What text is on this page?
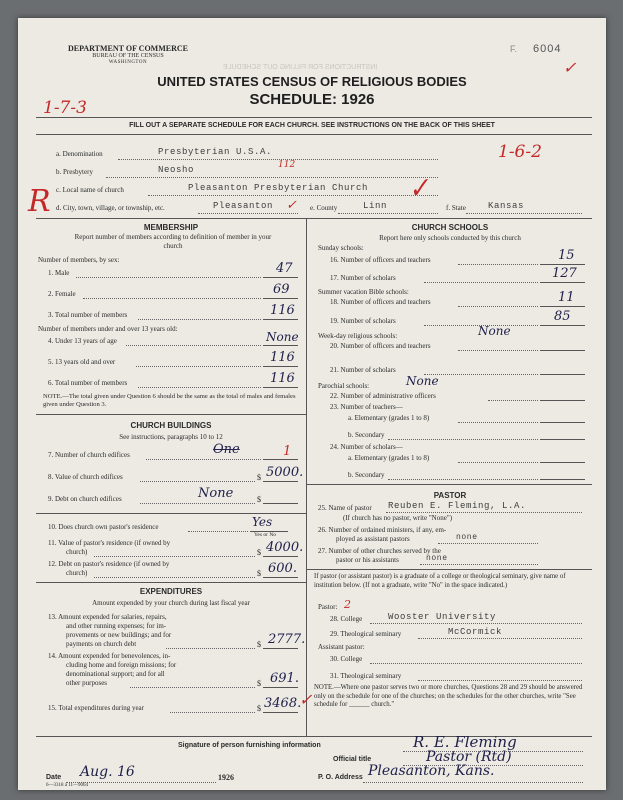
INSTRUCTIONS FOR FILLING OUT SCHEDULE
DEPARTMENT OF COMMERCE
BUREAU OF THE CENSUS
WASHINGTON
F. 6004
✓
UNITED STATES CENSUS OF RELIGIOUS BODIES
SCHEDULE: 1926
1-7-3
FILL OUT A SEPARATE SCHEDULE FOR EACH CHURCH. SEE INSTRUCTIONS ON THE BACK OF THIS SHEET
a. Denomination	Presbyterian U.S.A.	1-6-2
b. Presbytery	Neosho	112
c. Local name of church	Pleasanton Presbyterian Church ✓
d. City, town, village, or township, etc.	Pleasanton ✓ e. County	Linn	f. State Kansas
R
MEMBERSHIP
Report number of members according to definition of member in your church
Number of members, by sex:
1. Male	47
2. Female	69
3. Total number of members	116
Number of members under and over 13 years old:
4. Under 13 years of age	None
5. 13 years old and over	116
6. Total number of members	116
NOTE.—The total given under Question 6 should be the same as the total of males and females given under Question 3.
CHURCH BUILDINGS
See instructions, paragraphs 10 to 12
7. Number of church edifices	One	1
8. Value of church edifices	$ 5000.
9. Debt on church edifices	$
None
10. Does church own pastor's residence	Yes
Yes or No
11. Value of pastor's residence (if owned by
church)	$ 4000.
12. Debt on pastor's residence (if owned by
church)	$ 600.
EXPENDITURES
Amount expended by your church during last fiscal year
13. Amount expended for salaries, repairs,
and other running expenses; for im-
provements or new buildings; and for
payments on church debt	$ 2777.
14. Amount expended for benevolences, in-
cluding home and foreign missions; for
denominational support; and for all
other purposes	$ 691.
15. Total expenditures during year	$ 3468.
✓
CHURCH SCHOOLS
Report here only schools conducted by this church
Sunday schools:
16. Number of officers and teachers	15
17. Number of scholars	127
Summer vacation Bible schools:
18. Number of officers and teachers	11
19. Number of scholars	85
Week-day religious schools:	None
20. Number of officers and teachers
21. Number of scholars
Parochial schools:	None
22. Number of administrative officers
23. Number of teachers—
a. Elementary (grades 1 to 8)
b. Secondary
24. Number of scholars—
a. Elementary (grades 1 to 8)
b. Secondary
PASTOR
25. Name of pastor Reuben E. Fleming, L.A.
(If church has no pastor, write "None")
26. Number of ordained ministers, if any, em-
ployed as assistant pastors	none
27. Number of other churches served by the
pastor or his assistants	none
If pastor (or assistant pastor) is a graduate of a college or theological seminary, give name of institution below. (If not a graduate, write "No" in the space indicated.)
Pastor: 2
28. College	Wooster University
29. Theological seminary	McCormick
Assistant pastor:
30. College
31. Theological seminary
NOTE.—Where one pastor serves two or more churches, Questions 28 and 29 should be answered only on the schedule for one of the churches; on the schedules for the other churches, write "See schedule for ______ church."
Signature of person furnishing information	R. E. Fleming
Official title	Pastor (Rtd)
Date Aug. 16	1926
6—3318 a 11—9064
P. O. Address Pleasanton, Kans.
